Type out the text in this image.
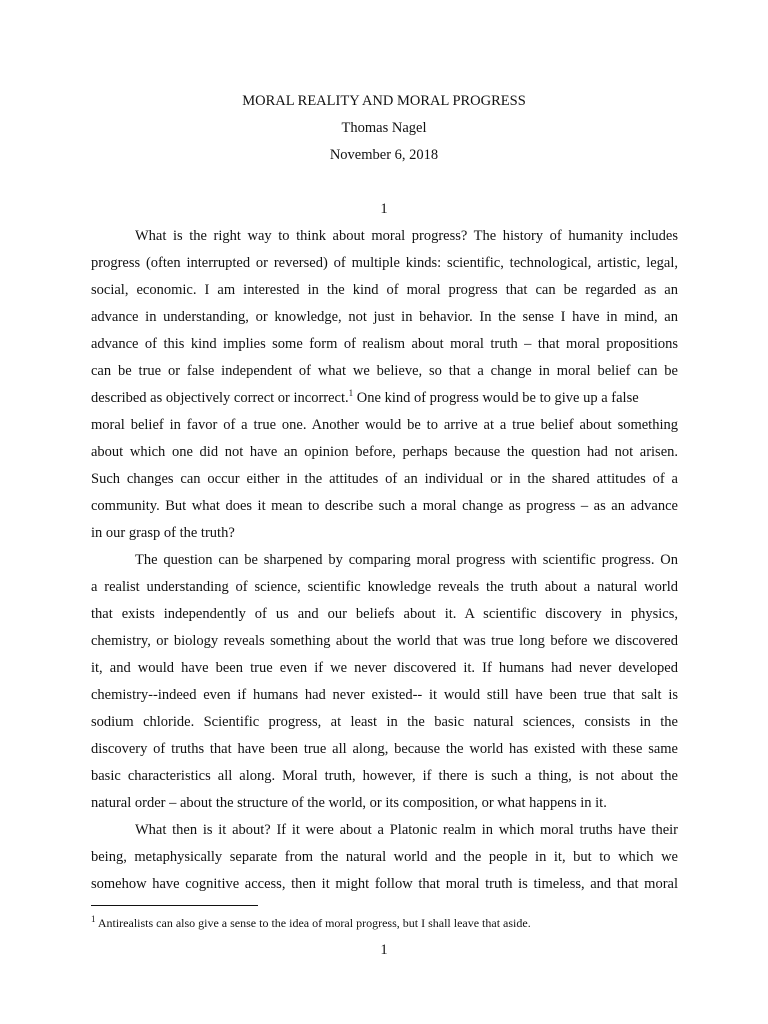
MORAL REALITY AND MORAL PROGRESS
Thomas Nagel
November 6, 2018
1
What is the right way to think about moral progress? The history of humanity includes
progress (often interrupted or reversed) of multiple kinds: scientific, technological, artistic, legal,
social, economic. I am interested in the kind of moral progress that can be regarded as an
advance in understanding, or knowledge, not just in behavior. In the sense I have in mind, an
advance of this kind implies some form of realism about moral truth – that moral propositions
can be true or false independent of what we believe, so that a change in moral belief can be
described as objectively correct or incorrect.$^1$ One kind of progress would be to give up a false
moral belief in favor of a true one. Another would be to arrive at a true belief about something
about which one did not have an opinion before, perhaps because the question had not arisen.
Such changes can occur either in the attitudes of an individual or in the shared attitudes of a
community. But what does it mean to describe such a moral change as progress – as an advance
in our grasp of the truth?
The question can be sharpened by comparing moral progress with scientific progress. On
a realist understanding of science, scientific knowledge reveals the truth about a natural world
that exists independently of us and our beliefs about it. A scientific discovery in physics,
chemistry, or biology reveals something about the world that was true long before we discovered
it, and would have been true even if we never discovered it. If humans had never developed
chemistry--indeed even if humans had never existed-- it would still have been true that salt is
sodium chloride. Scientific progress, at least in the basic natural sciences, consists in the
discovery of truths that have been true all along, because the world has existed with these same
basic characteristics all along. Moral truth, however, if there is such a thing, is not about the
natural order – about the structure of the world, or its composition, or what happens in it.
What then is it about? If it were about a Platonic realm in which moral truths have their
being, metaphysically separate from the natural world and the people in it, but to which we
somehow have cognitive access, then it might follow that moral truth is timeless, and that moral
$^1$ Antirealists can also give a sense to the idea of moral progress, but I shall leave that aside.
1
